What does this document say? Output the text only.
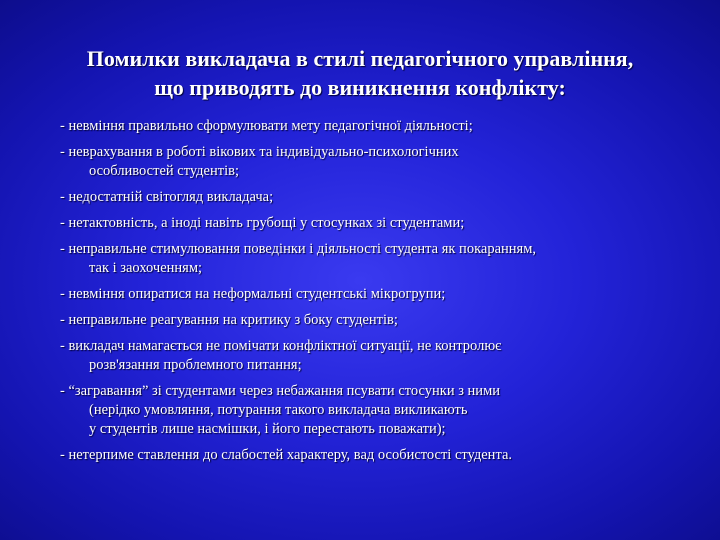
Помилки викладача в стилі педагогічного управління,
що приводять до виникнення конфлікту:
- невміння правильно сформулювати мету педагогічної діяльності;
- неврахування в роботі вікових та індивідуально-психологічних
особливостей студентів;
- недостатній світогляд викладача;
- нетактовність, а іноді навіть грубощі у стосунках зі студентами;
- неправильне стимулювання поведінки і діяльності студента як покаранням,
так і заохоченням;
- невміння опиратися на неформальні студентські мікрогрупи;
- неправильне реагування на критику з боку студентів;
- викладач намагається не помічати конфліктної ситуації, не контролює
розв'язання проблемного питання;
- “загравання” зі студентами через небажання псувати стосунки з ними
(нерідко умовляння, потурання такого викладача викликають
у студентів лише насмішки, і його перестають поважати);
- нетерпиме ставлення до слабостей характеру, вад особистості студента.
